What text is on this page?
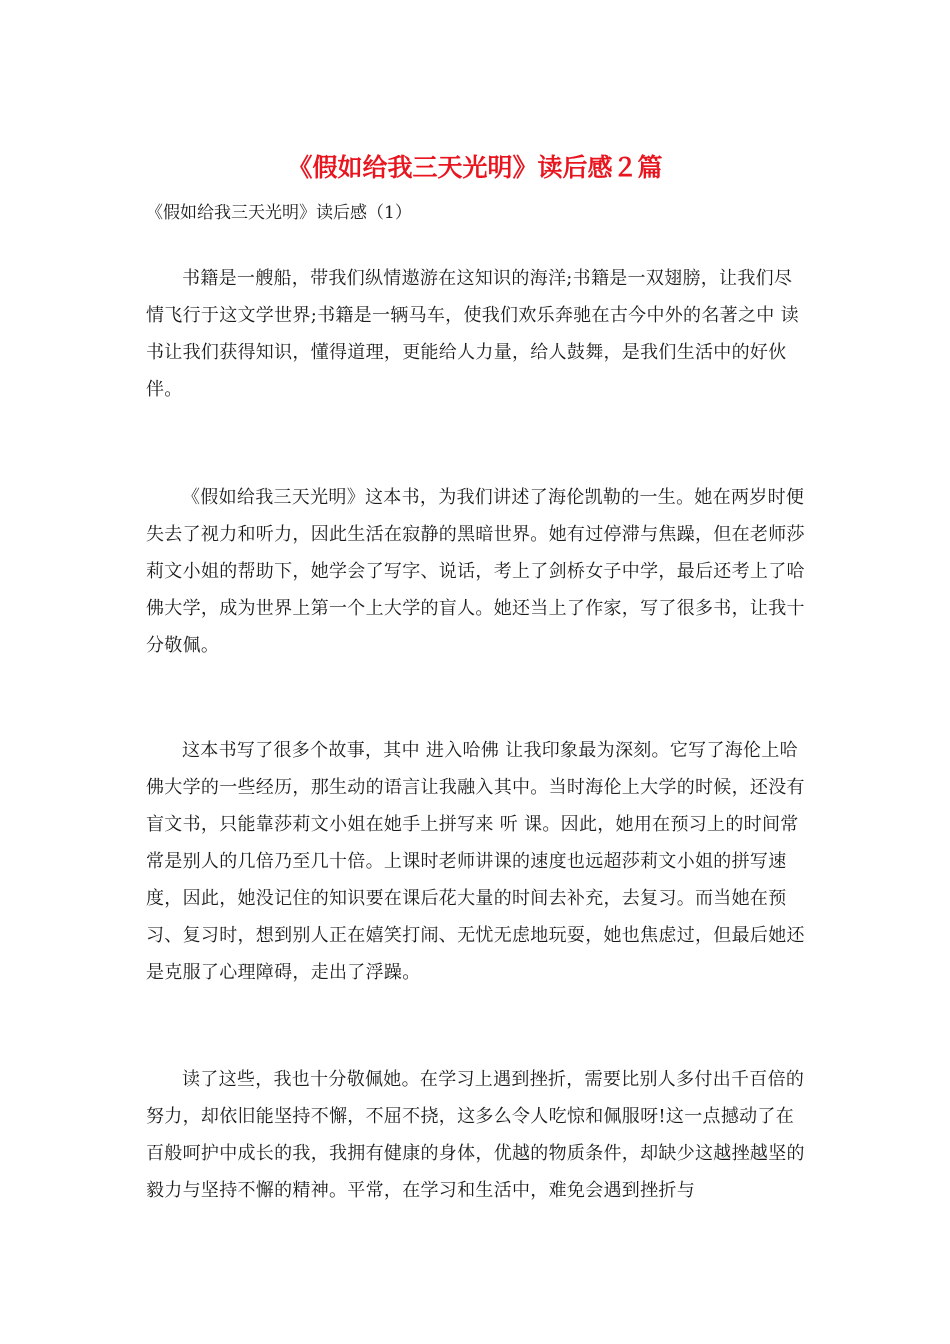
《假如给我三天光明》读后感２篇

《假如给我三天光明》读后感（1）

书籍是一艘船，带我们纵情遨游在这知识的海洋;书籍是一双翅膀，让我们尽情飞行于这文学世界;书籍是一辆马车，使我们欢乐奔驰在古今中外的名著之中 读书让我们获得知识，懂得道理，更能给人力量，给人鼓舞，是我们生活中的好伙伴。

《假如给我三天光明》这本书，为我们讲述了海伦凯勒的一生。她在两岁时便失去了视力和听力，因此生活在寂静的黑暗世界。她有过停滞与焦躁，但在老师莎莉文小姐的帮助下，她学会了写字、说话，考上了剑桥女子中学，最后还考上了哈佛大学，成为世界上第一个上大学的盲人。她还当上了作家，写了很多书，让我十分敬佩。

这本书写了很多个故事，其中 进入哈佛 让我印象最为深刻。它写了海伦上哈佛大学的一些经历，那生动的语言让我融入其中。当时海伦上大学的时候，还没有盲文书，只能靠莎莉文小姐在她手上拼写来 听 课。因此，她用在预习上的时间常常是别人的几倍乃至几十倍。上课时老师讲课的速度也远超莎莉文小姐的拼写速度，因此，她没记住的知识要在课后花大量的时间去补充，去复习。而当她在预习、复习时，想到别人正在嬉笑打闹、无忧无虑地玩耍，她也焦虑过，但最后她还是克服了心理障碍，走出了浮躁。

读了这些，我也十分敬佩她。在学习上遇到挫折，需要比别人多付出千百倍的努力，却依旧能坚持不懈，不屈不挠，这多么令人吃惊和佩服呀!这一点撼动了在百般呵护中成长的我，我拥有健康的身体，优越的物质条件，却缺少这越挫越坚的毅力与坚持不懈的精神。平常，在学习和生活中，难免会遇到挫折与
